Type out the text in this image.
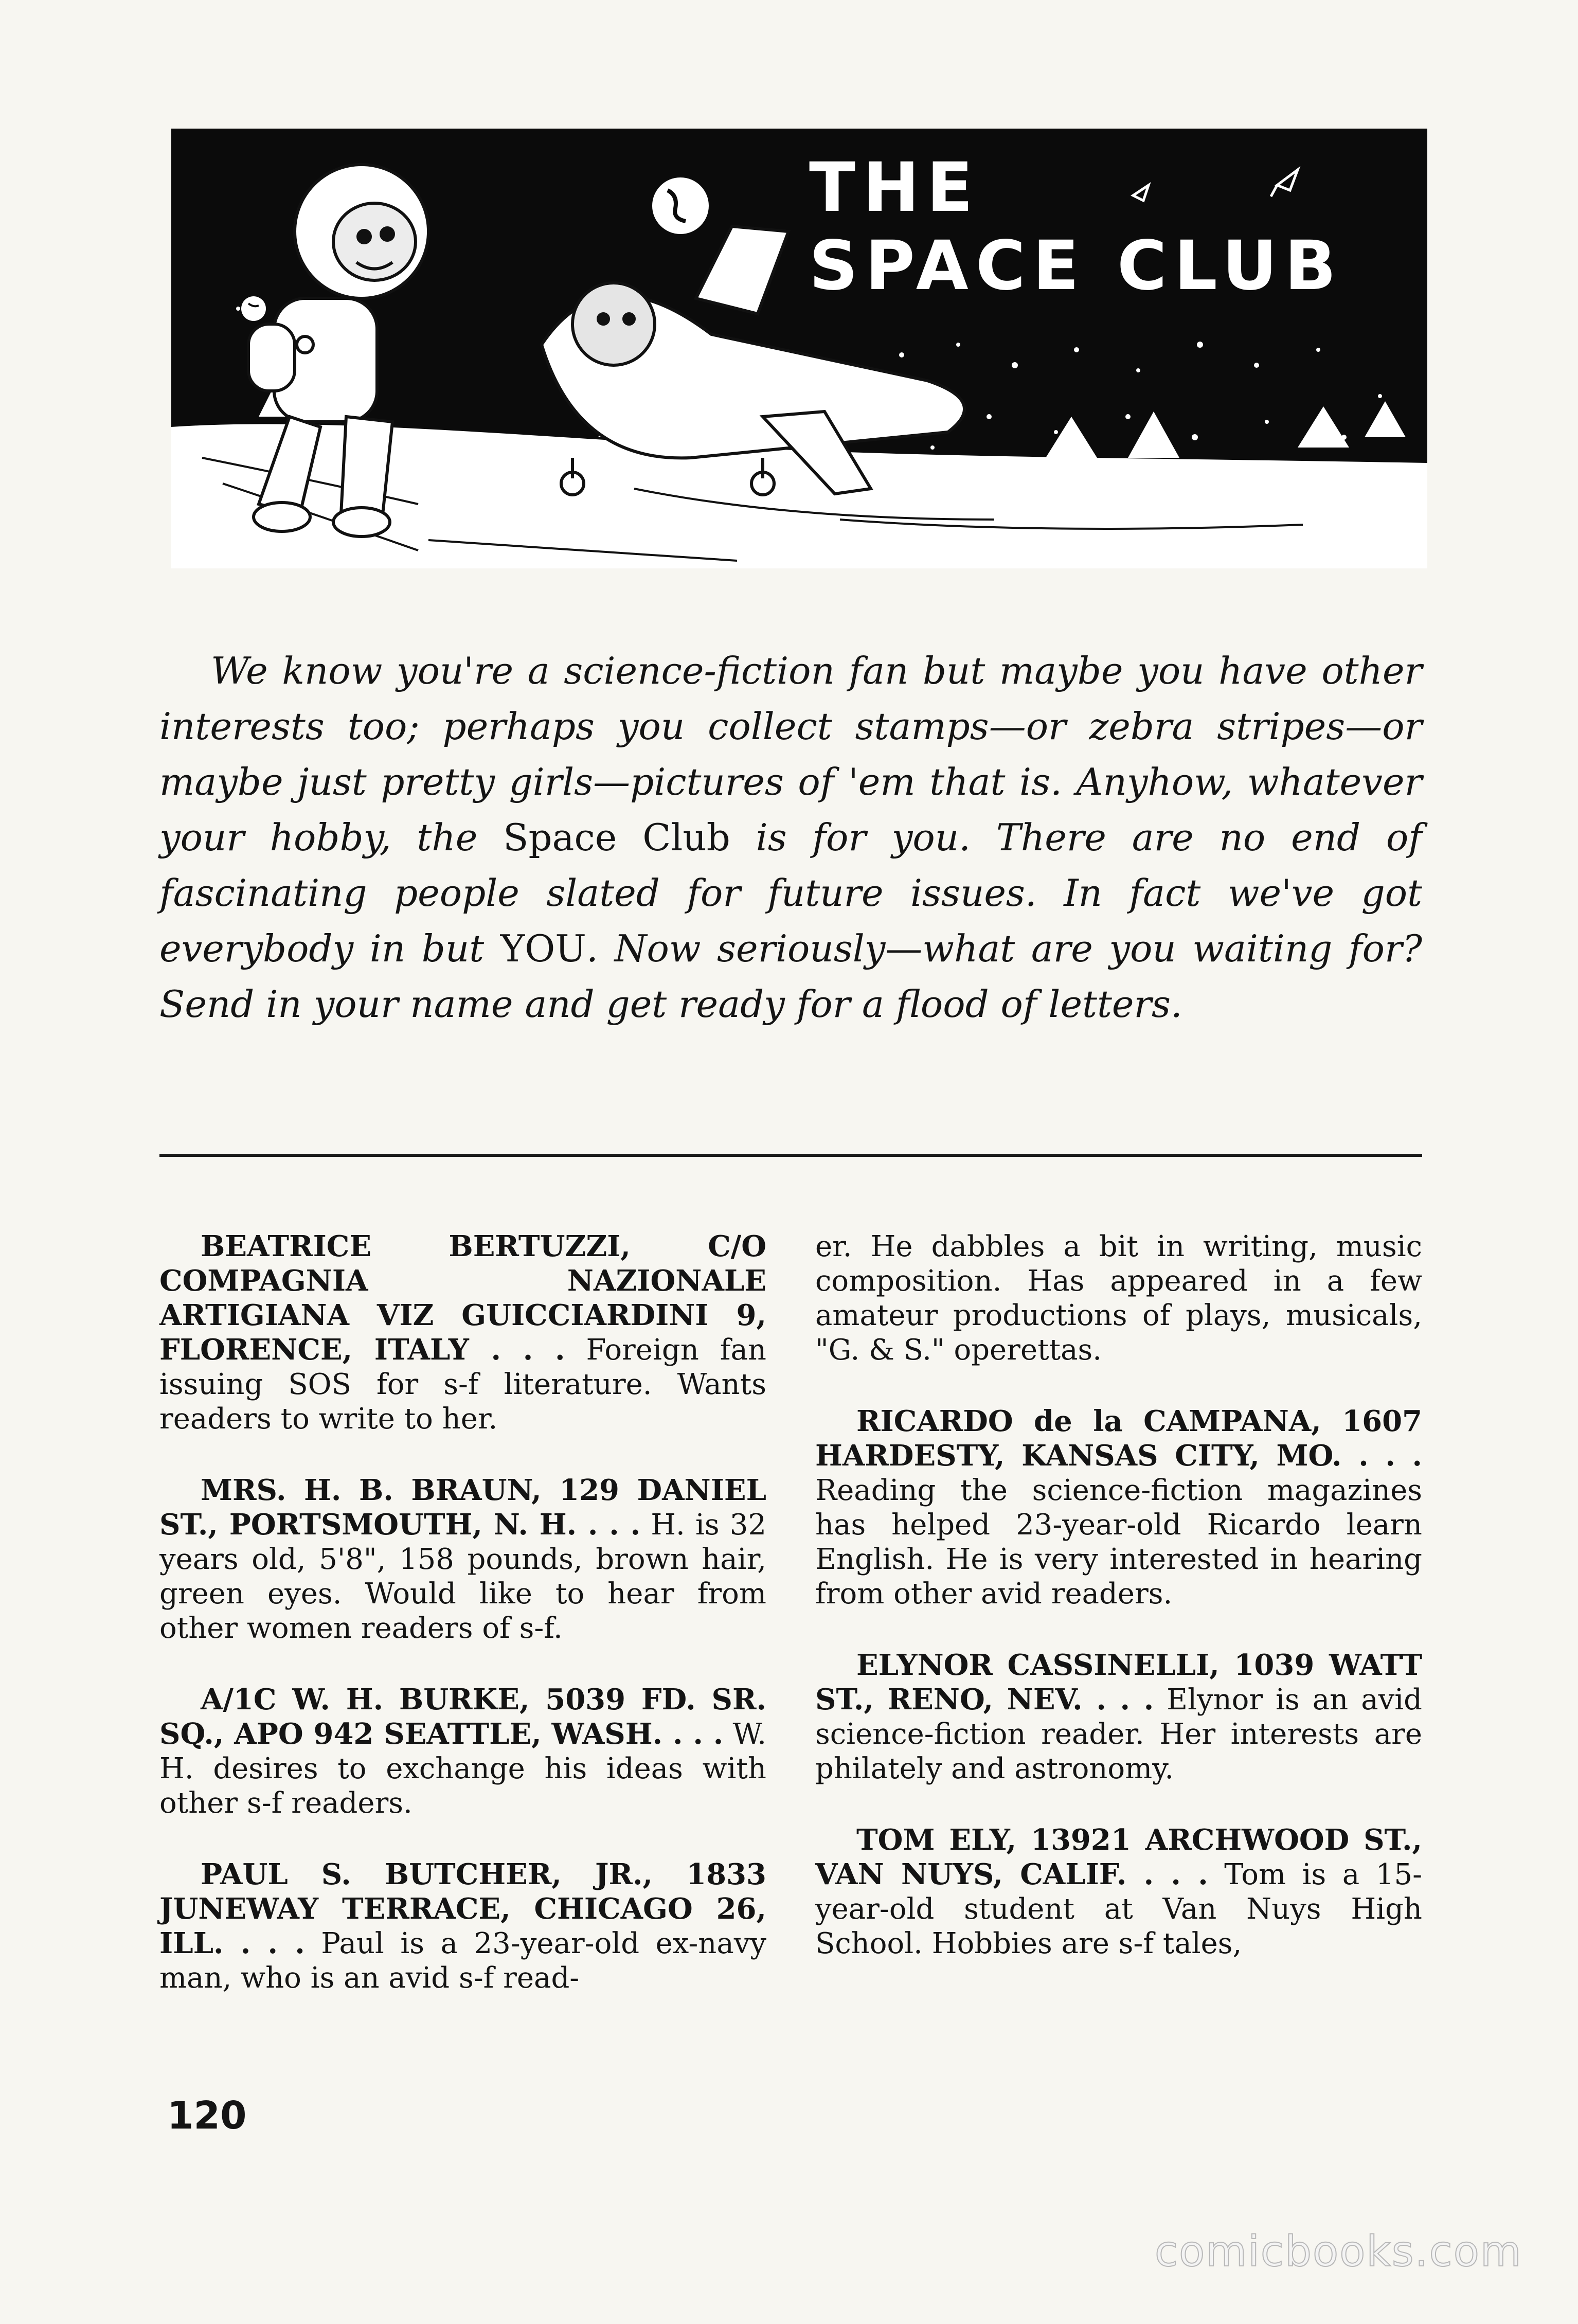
THE
SPACE CLUB

We know you're a science-fiction fan but maybe you have other interests too; perhaps you collect stamps—or zebra stripes—or maybe just pretty girls—pictures of 'em that is. Anyhow, whatever your hobby, the Space Club is for you. There are no end of fascinating people slated for future issues. In fact we've got everybody in but YOU. Now seriously—what are you waiting for? Send in your name and get ready for a flood of letters.

BEATRICE BERTUZZI, C/O COMPAGNIA NAZIONALE ARTIGIANA VIZ GUICCIARDINI 9, FLORENCE, ITALY . . . Foreign fan issuing SOS for s-f literature. Wants readers to write to her.

MRS. H. B. BRAUN, 129 DANIEL ST., PORTSMOUTH, N. H. . . . H. is 32 years old, 5'8", 158 pounds, brown hair, green eyes. Would like to hear from other women readers of s-f.

A/1C W. H. BURKE, 5039 FD. SR. SQ., APO 942 SEATTLE, WASH. . . . W. H. desires to exchange his ideas with other s-f readers.

PAUL S. BUTCHER, JR., 1833 JUNEWAY TERRACE, CHICAGO 26, ILL. . . . Paul is a 23-year-old ex-navy man, who is an avid s-f read-

er. He dabbles a bit in writing, music composition. Has appeared in a few amateur productions of plays, musicals, "G. & S." operettas.

RICARDO de la CAMPANA, 1607 HARDESTY, KANSAS CITY, MO. . . . Reading the science-fiction magazines has helped 23-year-old Ricardo learn English. He is very interested in hearing from other avid readers.

ELYNOR CASSINELLI, 1039 WATT ST., RENO, NEV. . . . Elynor is an avid science-fiction reader. Her interests are philately and astronomy.

TOM ELY, 13921 ARCHWOOD ST., VAN NUYS, CALIF. . . . Tom is a 15-year-old student at Van Nuys High School. Hobbies are s-f tales,

120
comicbooks.com
